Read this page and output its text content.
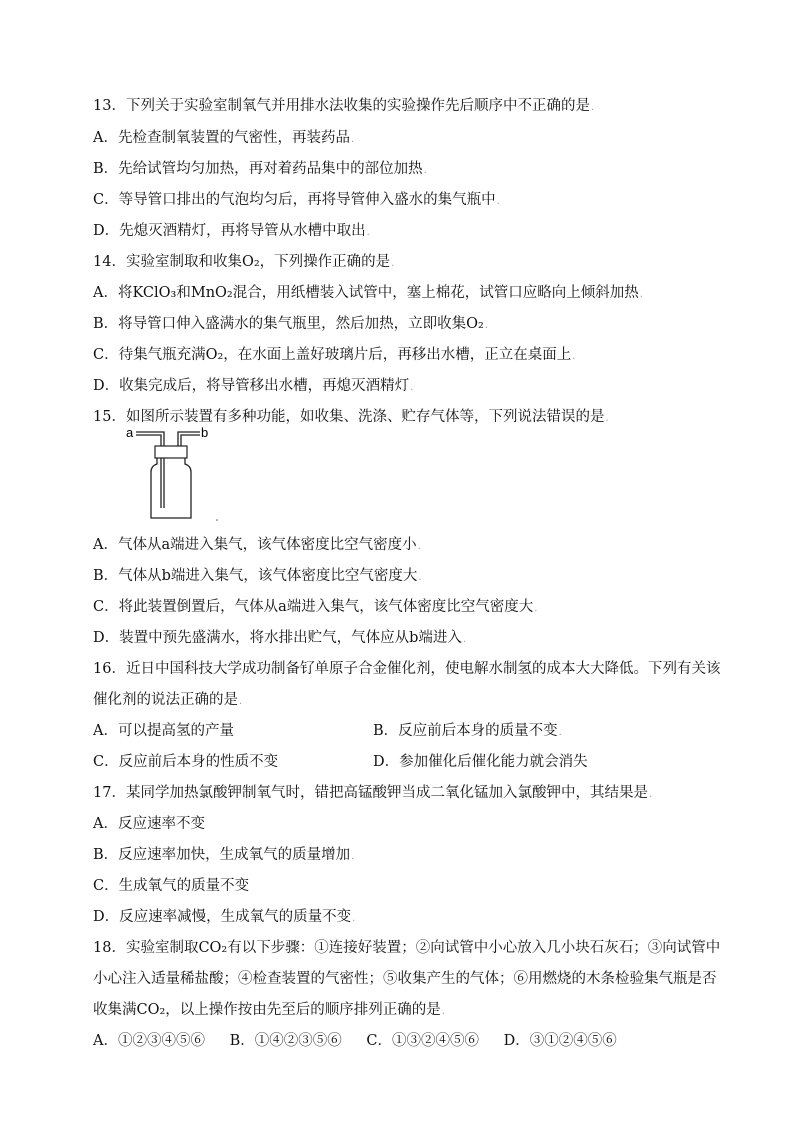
13．下列关于实验室制氧气并用排水法收集的实验操作先后顺序中不正确的是.
A．先检查制氧装置的气密性，再装药品.
B．先给试管均匀加热，再对着药品集中的部位加热.
C．等导管口排出的气泡均匀后，再将导管伸入盛水的集气瓶中.
D．先熄灭酒精灯，再将导管从水槽中取出.
14．实验室制取和收集O₂，下列操作正确的是.
A．将KClO₃和MnO₂混合，用纸槽装入试管中，塞上棉花，试管口应略向上倾斜加热.
B．将导管口伸入盛满水的集气瓶里，然后加热，立即收集O₂.
C．待集气瓶充满O₂，在水面上盖好玻璃片后，再移出水槽，正立在桌面上.
D．收集完成后，将导管移出水槽，再熄灭酒精灯.
15．如图所示装置有多种功能，如收集、洗涤、贮存气体等，下列说法错误的是.
a	b
A．气体从a端进入集气，该气体密度比空气密度小.
B．气体从b端进入集气，该气体密度比空气密度大.
C．将此装置倒置后，气体从a端进入集气，该气体密度比空气密度大.
D．装置中预先盛满水，将水排出贮气，气体应从b端进入.
16．近日中国科技大学成功制备钌单原子合金催化剂，使电解水制氢的成本大大降低。下列有关该
催化剂的说法正确的是.
A．可以提高氢的产量	B．反应前后本身的质量不变.
C．反应前后本身的性质不变	D．参加催化后催化能力就会消失
17．某同学加热氯酸钾制氧气时，错把高锰酸钾当成二氧化锰加入氯酸钾中，其结果是.
A．反应速率不变
B．反应速率加快，生成氧气的质量增加.
C．生成氧气的质量不变
D．反应速率减慢，生成氧气的质量不变.
18．实验室制取CO₂有以下步骤：①连接好装置；②向试管中小心放入几小块石灰石；③向试管中
小心注入适量稀盐酸；④检查装置的气密性；⑤收集产生的气体；⑥用燃烧的木条检验集气瓶是否
收集满CO₂，以上操作按由先至后的顺序排列正确的是.
A．①②③④⑤⑥ B．①④②③⑤⑥ C．①③②④⑤⑥ D．③①②④⑤⑥
